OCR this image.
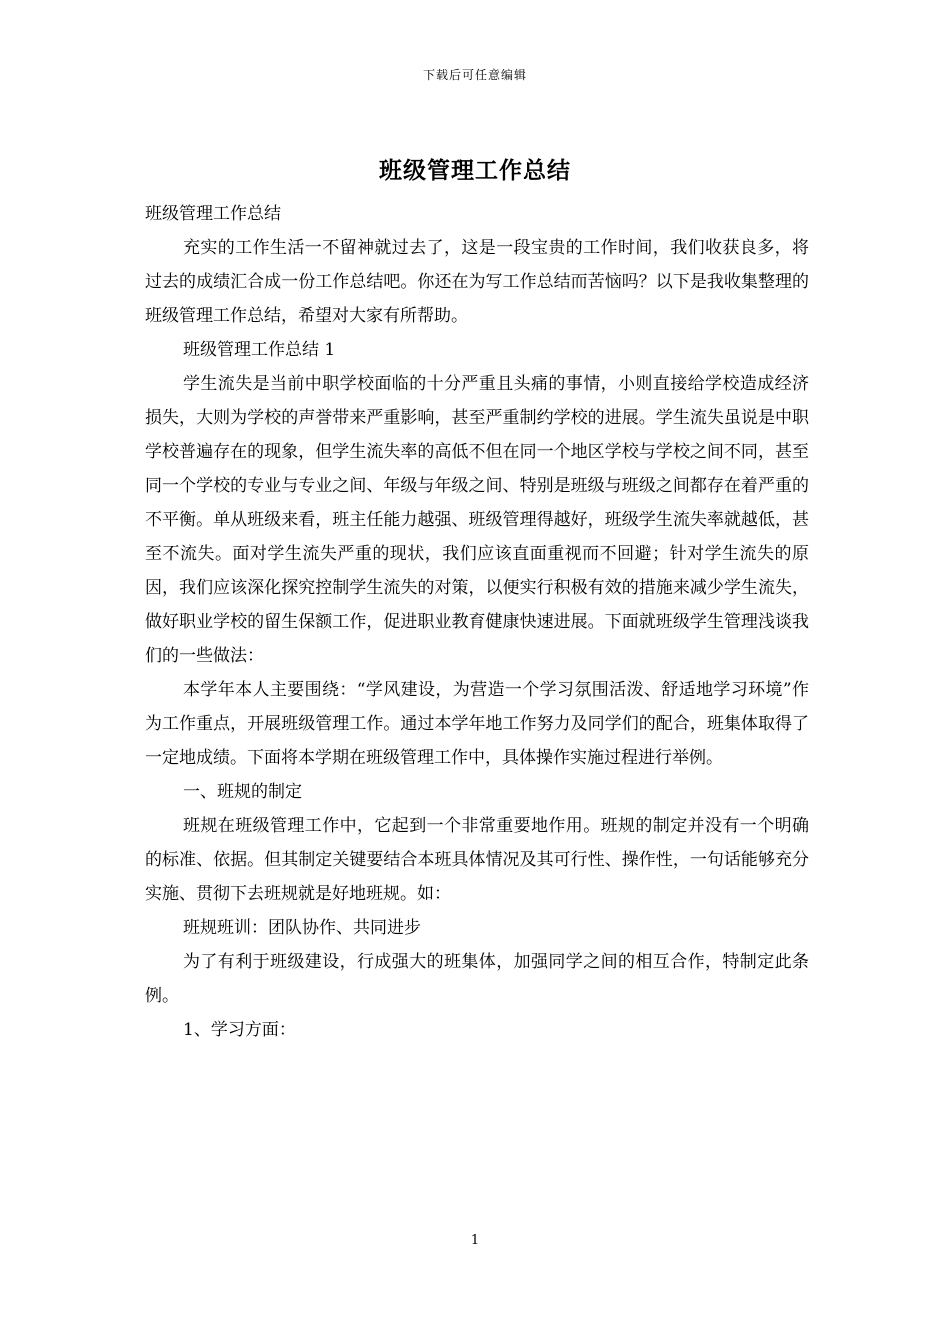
下载后可任意编辑
班级管理工作总结

班级管理工作总结

充实的工作生活一不留神就过去了，这是一段宝贵的工作时间，我们收获良多，将过去的成绩汇合成一份工作总结吧。你还在为写工作总结而苦恼吗？以下是我收集整理的班级管理工作总结，希望对大家有所帮助。

班级管理工作总结 1

学生流失是当前中职学校面临的十分严重且头痛的事情，小则直接给学校造成经济损失，大则为学校的声誉带来严重影响，甚至严重制约学校的进展。学生流失虽说是中职学校普遍存在的现象，但学生流失率的高低不但在同一个地区学校与学校之间不同，甚至同一个学校的专业与专业之间、年级与年级之间、特别是班级与班级之间都存在着严重的不平衡。单从班级来看，班主任能力越强、班级管理得越好，班级学生流失率就越低，甚至不流失。面对学生流失严重的现状，我们应该直面重视而不回避；针对学生流失的原因，我们应该深化探究控制学生流失的对策，以便实行积极有效的措施来减少学生流失，做好职业学校的留生保额工作，促进职业教育健康快速进展。下面就班级学生管理浅谈我们的一些做法：

本学年本人主要围绕：“学风建设，为营造一个学习氛围活泼、舒适地学习环境”作为工作重点，开展班级管理工作。通过本学年地工作努力及同学们的配合，班集体取得了一定地成绩。下面将本学期在班级管理工作中，具体操作实施过程进行举例。

一、班规的制定

班规在班级管理工作中，它起到一个非常重要地作用。班规的制定并没有一个明确的标准、依据。但其制定关键要结合本班具体情况及其可行性、操作性，一句话能够充分实施、贯彻下去班规就是好地班规。如：

班规班训：团队协作、共同进步

为了有利于班级建设，行成强大的班集体，加强同学之间的相互合作，特制定此条例。

1、学习方面：

1
